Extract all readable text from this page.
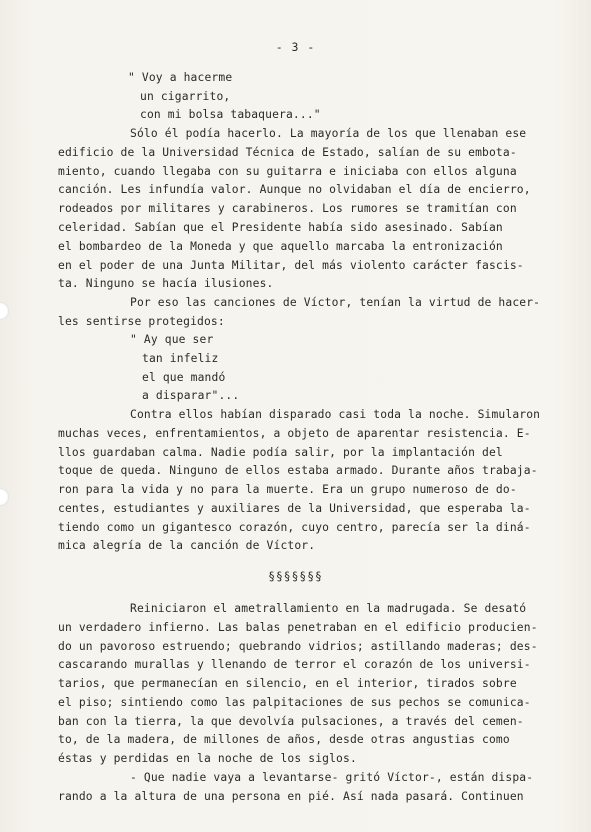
- 3 -
" Voy a hacerme
un cigarrito,
con mi bolsa tabaquera..."
Sólo él podía hacerlo. La mayoría de los que llenaban ese
edificio de la Universidad Técnica de Estado, salían de su embota-
miento, cuando llegaba con su guitarra e iniciaba con ellos alguna
canción. Les infundía valor. Aunque no olvidaban el día de encierro,
rodeados por militares y carabineros. Los rumores se tramitían con
celeridad. Sabían que el Presidente había sido asesinado. Sabían
el bombardeo de la Moneda y que aquello marcaba la entronización
en el poder de una Junta Militar, del más violento carácter fascis-
ta. Ninguno se hacía ilusiones.
Por eso las canciones de Víctor, tenían la virtud de hacer-
les sentirse protegidos:
" Ay que ser
tan infeliz
el que mandó
a disparar"...
Contra ellos habían disparado casi toda la noche. Simularon
muchas veces, enfrentamientos, a objeto de aparentar resistencia. E-
llos guardaban calma. Nadie podía salir, por la implantación del
toque de queda. Ninguno de ellos estaba armado. Durante años trabaja-
ron para la vida y no para la muerte. Era un grupo numeroso de do-
centes, estudiantes y auxiliares de la Universidad, que esperaba la-
tiendo como un gigantesco corazón, cuyo centro, parecía ser la diná-
mica alegría de la canción de Víctor.
§§§§§§§
Reiniciaron el ametrallamiento en la madrugada. Se desató
un verdadero infierno. Las balas penetraban en el edificio producien-
do un pavoroso estruendo; quebrando vidrios; astillando maderas; des-
cascarando murallas y llenando de terror el corazón de los universi-
tarios, que permanecían en silencio, en el interior, tirados sobre
el piso; sintiendo como las palpitaciones de sus pechos se comunica-
ban con la tierra, la que devolvía pulsaciones, a través del cemen-
to, de la madera, de millones de años, desde otras angustias como
éstas y perdidas en la noche de los siglos.
- Que nadie vaya a levantarse- gritó Víctor-, están dispa-
rando a la altura de una persona en pié. Así nada pasará. Continuen
